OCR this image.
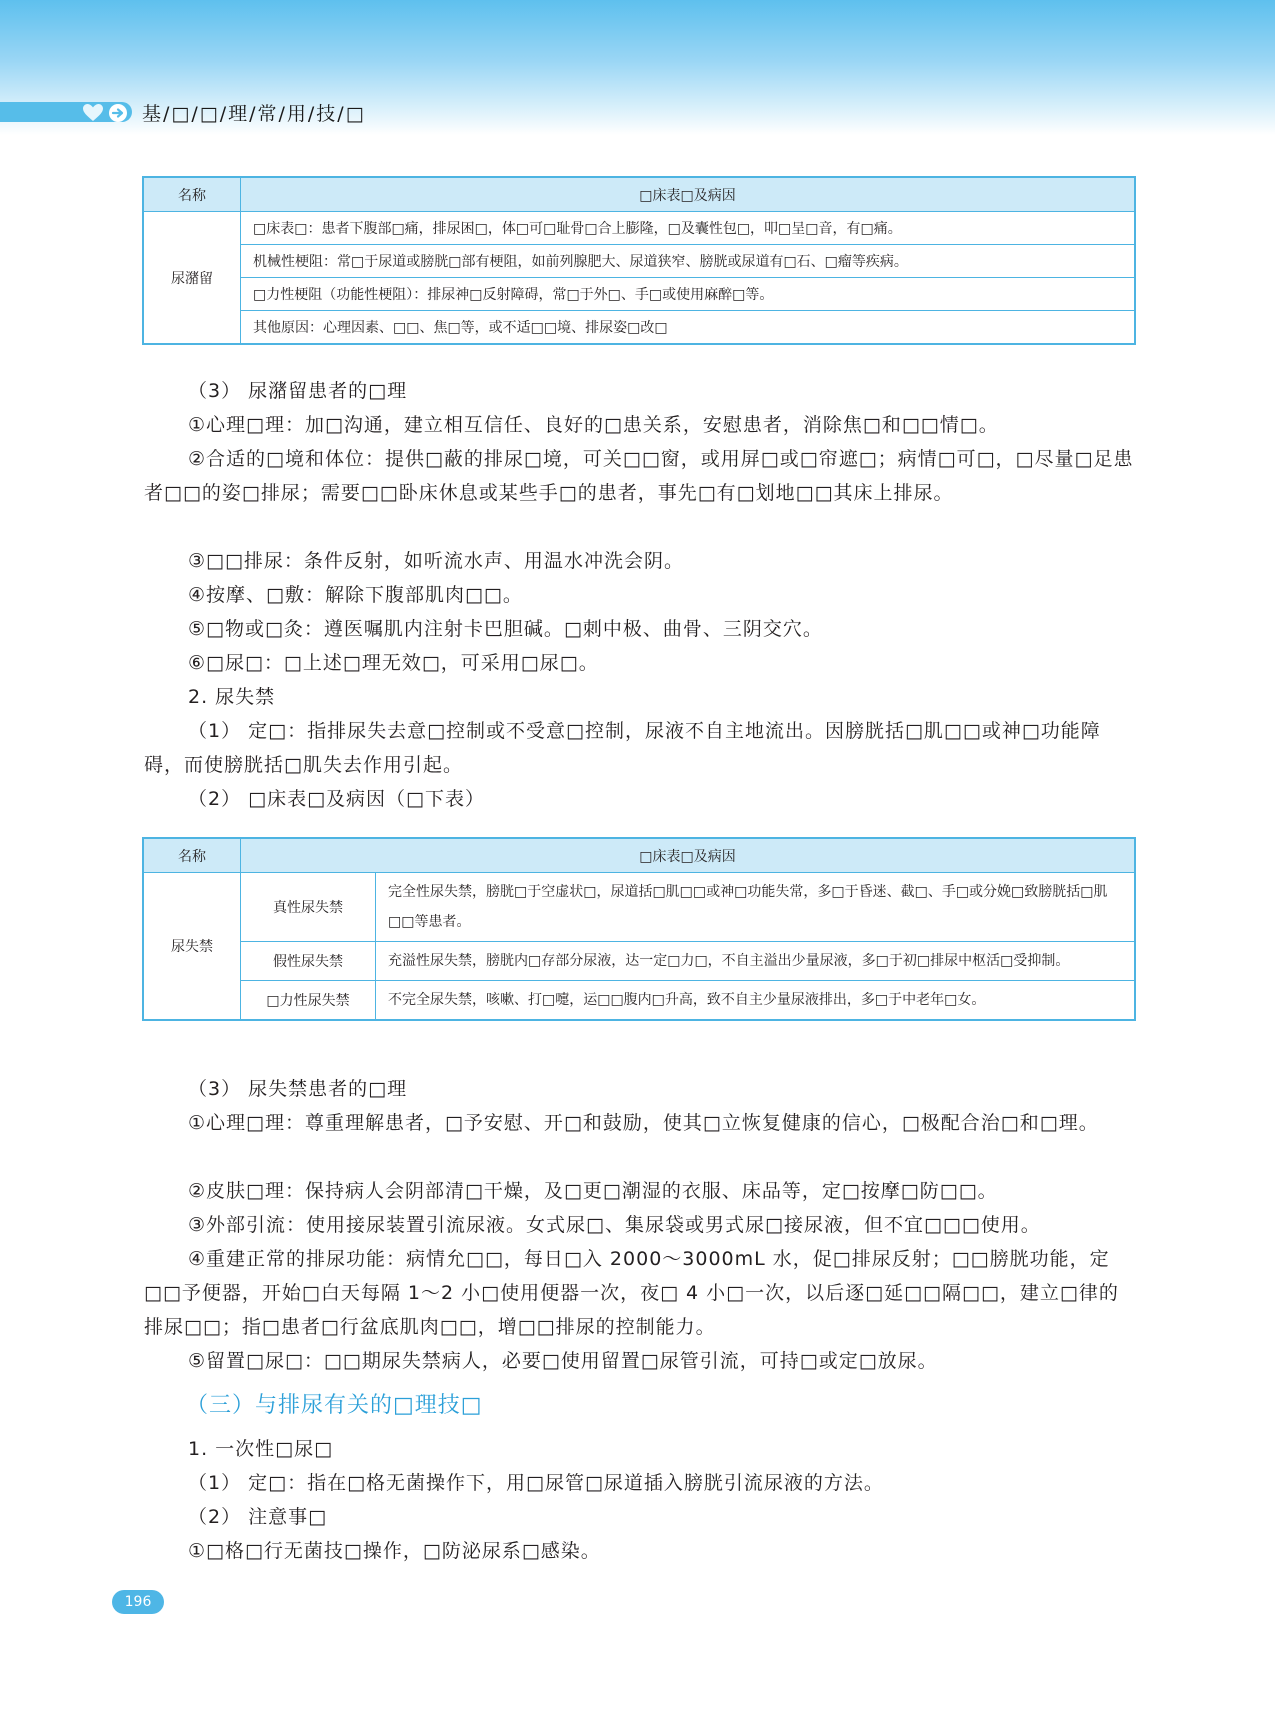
基/□/□/理/常/用/技/□
名称	□床表□及病因
尿潴留	□床表□：患者下腹部□痛，排尿困□，体□可□耻骨□合上膨隆，□及囊性包□，叩□呈□音，有□痛。
	机械性梗阻：常□于尿道或膀胱□部有梗阻，如前列腺肥大、尿道狭窄、膀胱或尿道有□石、□瘤等疾病。
	□力性梗阻（功能性梗阻）：排尿神□反射障碍，常□于外□、手□或使用麻醉□等。
	其他原因：心理因素、□□、焦□等，或不适□□境、排尿姿□改□
（3） 尿潴留患者的□理
①心理□理：加□沟通，建立相互信任、良好的□患关系，安慰患者，消除焦□和□□情□。
②合适的□境和体位：提供□蔽的排尿□境，可关□□窗，或用屏□或□帘遮□；病情□可□，□尽量□足患者□□的姿□排尿；需要□□卧床休息或某些手□的患者，事先□有□划地□□其床上排尿。
③□□排尿：条件反射，如听流水声、用温水冲洗会阴。
④按摩、□敷：解除下腹部肌肉□□。
⑤□物或□灸：遵医嘱肌内注射卡巴胆碱。□刺中极、曲骨、三阴交穴。
⑥□尿□：□上述□理无效□，可采用□尿□。
2. 尿失禁
（1） 定□：指排尿失去意□控制或不受意□控制，尿液不自主地流出。因膀胱括□肌□□或神□功能障碍，而使膀胱括□肌失去作用引起。
（2） □床表□及病因（□下表）
名称	□床表□及病因	
尿失禁	真性尿失禁	完全性尿失禁，膀胱□于空虚状□，尿道括□肌□□或神□功能失常，多□于昏迷、截□、手□或分娩□致膀胱括□肌□□等患者。
	假性尿失禁	充溢性尿失禁，膀胱内□存部分尿液，达一定□力□，不自主溢出少量尿液，多□于初□排尿中枢活□受抑制。
	□力性尿失禁	不完全尿失禁，咳嗽、打□嚏，运□□腹内□升高，致不自主少量尿液排出，多□于中老年□女。
（3） 尿失禁患者的□理
①心理□理：尊重理解患者，□予安慰、开□和鼓励，使其□立恢复健康的信心，□极配合治□和□理。
②皮肤□理：保持病人会阴部清□干燥，及□更□潮湿的衣服、床品等，定□按摩□防□□。
③外部引流：使用接尿装置引流尿液。女式尿□、集尿袋或男式尿□接尿液，但不宜□□□使用。
④重建正常的排尿功能：病情允□□，每日□入 2000～3000mL 水，促□排尿反射；□□膀胱功能，定□□予便器，开始□白天每隔 1～2 小□使用便器一次，夜□ 4 小□一次，以后逐□延□□隔□□，建立□律的排尿□□；指□患者□行盆底肌肉□□，增□□排尿的控制能力。
⑤留置□尿□：□□期尿失禁病人，必要□使用留置□尿管引流，可持□或定□放尿。
（三）与排尿有关的□理技□
1. 一次性□尿□
（1） 定□：指在□格无菌操作下，用□尿管□尿道插入膀胱引流尿液的方法。
（2） 注意事□
①□格□行无菌技□操作，□防泌尿系□感染。
196
